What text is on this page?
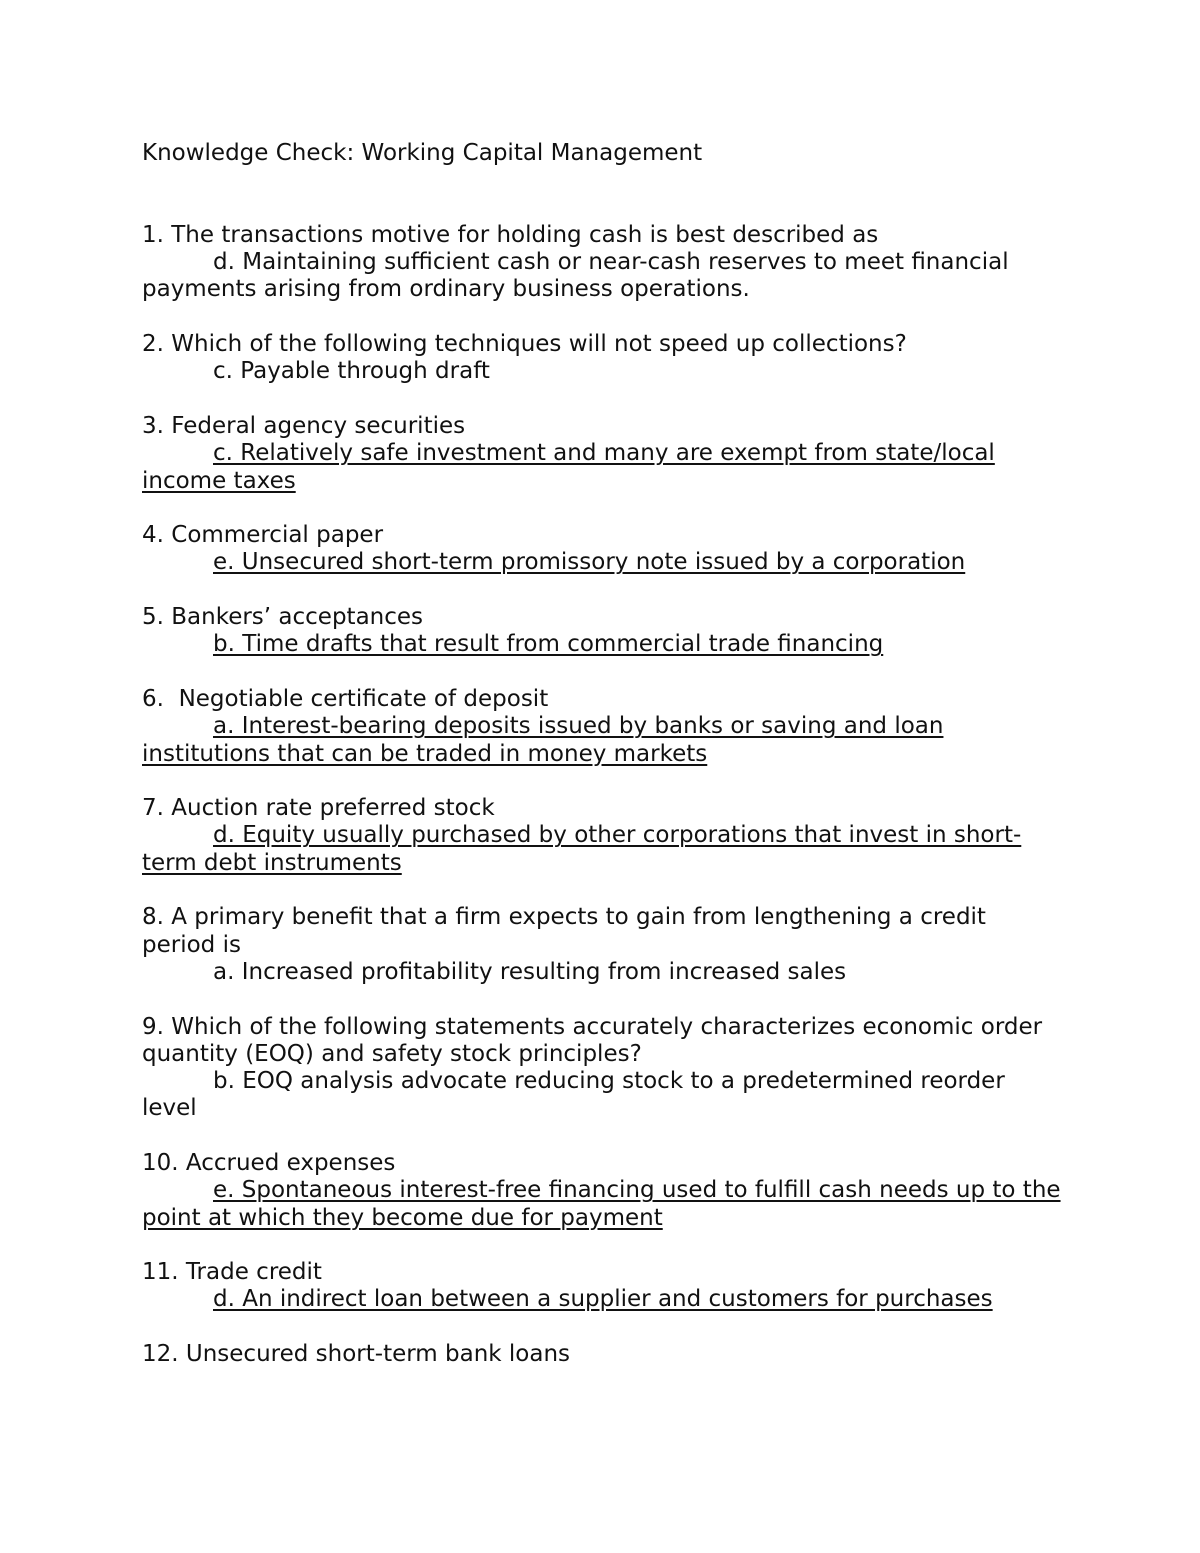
Knowledge Check: Working Capital Management
1. The transactions motive for holding cash is best described as
d. Maintaining sufficient cash or near-cash reserves to meet financial payments arising from ordinary business operations.
2. Which of the following techniques will not speed up collections?
c. Payable through draft
3. Federal agency securities
c. Relatively safe investment and many are exempt from state/local income taxes
4. Commercial paper
e. Unsecured short-term promissory note issued by a corporation
5. Bankers’ acceptances
b. Time drafts that result from commercial trade financing
6.  Negotiable certificate of deposit
a. Interest-bearing deposits issued by banks or saving and loan institutions that can be traded in money markets
7. Auction rate preferred stock
d. Equity usually purchased by other corporations that invest in short-term debt instruments
8. A primary benefit that a firm expects to gain from lengthening a credit period is
a. Increased profitability resulting from increased sales
9. Which of the following statements accurately characterizes economic order quantity (EOQ) and safety stock principles?
b. EOQ analysis advocate reducing stock to a predetermined reorder level
10. Accrued expenses
e. Spontaneous interest-free financing used to fulfill cash needs up to the point at which they become due for payment
11. Trade credit
d. An indirect loan between a supplier and customers for purchases
12. Unsecured short-term bank loans
